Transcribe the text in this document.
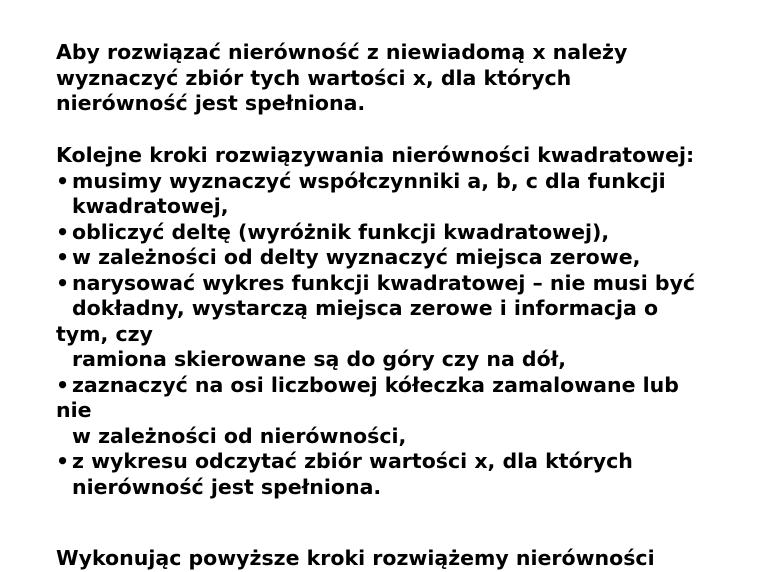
Aby rozwiązać nierówność z niewiadomą x należy
wyznaczyć zbiór tych wartości x, dla których
nierówność jest spełniona.
Kolejne kroki rozwiązywania nierówności kwadratowej:
• musimy wyznaczyć współczynniki a, b, c dla funkcji
kwadratowej,
• obliczyć deltę (wyróżnik funkcji kwadratowej),
• w zależności od delty wyznaczyć miejsca zerowe,
• narysować wykres funkcji kwadratowej – nie musi być
dokładny, wystarczą miejsca zerowe i informacja o
tym, czy
ramiona skierowane są do góry czy na dół,
• zaznaczyć na osi liczbowej kółeczka zamalowane lub
nie
w zależności od nierówności,
• z wykresu odczytać zbiór wartości x, dla których
nierówność jest spełniona.
Wykonując powyższe kroki rozwiążemy nierówności
